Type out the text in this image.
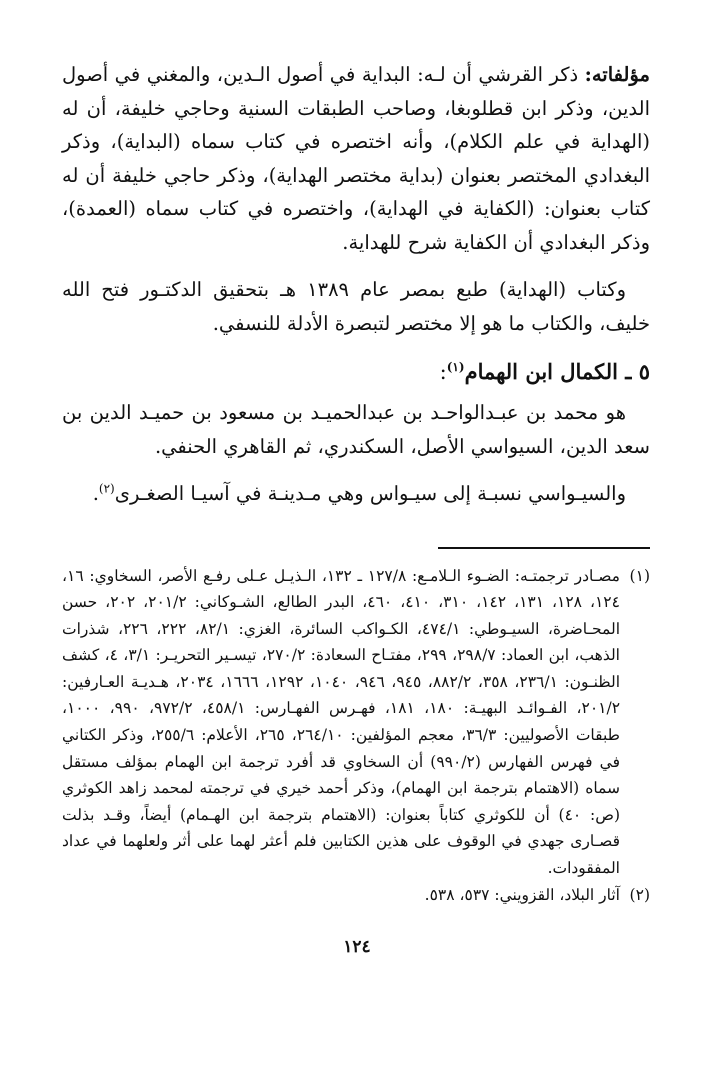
مؤلفاته: ذكر القرشي أن لـه: البداية في أصول الـدين، والمغني في أصول الدين، وذكر ابن قطلوبغا، وصاحب الطبقات السنية وحاجي خليفة، أن له (الهداية في علم الكلام)، وأنه اختصره في كتاب سماه (البداية)، وذكر البغدادي المختصر بعنوان (بداية مختصر الهداية)، وذكر حاجي خليفة أن له كتاب بعنوان: (الكفاية في الهداية)، واختصره في كتاب سماه (العمدة)، وذكر البغدادي أن الكفاية شرح للهداية.

وكتاب (الهداية) طبع بمصر عام ١٣٨٩ هـ بتحقيق الدكتـور فتح الله خليف، والكتاب ما هو إلا مختصر لتبصرة الأدلة للنسفي.

٥ ـ الكمال ابن الهمام$^{(١)}$:

هو محمد بن عبـدالواحـد بن عبدالحميـد بن مسعود بن حميـد الدين بن سعد الدين، السيواسي الأصل، السكندري، ثم القاهري الحنفي.

والسيـواسي نسبـة إلى سيـواس وهي مـدينـة في آسيـا الصغـرى$^{(٢)}$.

(١)
مصـادر ترجمتـه: الضـوء الـلامـع: ١٢٧/٨ ـ ١٣٢، الـذيـل عـلى رفـع الأصر، السخاوي: ١٦، ١٢٤، ١٢٨، ١٣١، ١٤٢، ٣١٠، ٤١٠، ٤٦٠، البدر الطالع، الشـوكاني: ٢٠١/٢، ٢٠٢، حسن المحـاضرة، السيـوطي: ٤٧٤/١، الكـواكب السائرة، الغزي: ٨٢/١، ٢٢٢، ٢٢٦، شذرات الذهب، ابن العماد: ٢٩٨/٧، ٢٩٩، مفتـاح السعادة: ٢٧٠/٢، تيسـير التحريـر: ٣/١، ٤، كشف الظنـون: ٢٣٦/١، ٣٥٨، ٨٨٢/٢، ٩٤٥، ٩٤٦، ١٠٤٠، ١٢٩٢، ١٦٦٦، ٢٠٣٤، هـديـة العـارفين: ٢٠١/٢، الفـوائـد البهيـة: ١٨٠، ١٨١، فهـرس الفهـارس: ٤٥٨/١، ٩٧٢/٢، ٩٩٠، ١٠٠٠، طبقات الأصوليين: ٣٦/٣، معجم المؤلفين: ٢٦٤/١٠، ٢٦٥، الأعلام: ٢٥٥/٦، وذكر الكتاني في فهرس الفهارس (٩٩٠/٢) أن السخاوي قد أفرد ترجمة ابن الهمام بمؤلف مستقل سماه (الاهتمام بترجمة ابن الهمام)، وذكر أحمد خيري في ترجمته لمحمد زاهد الكوثري (ص: ٤٠) أن للكوثري كتاباً بعنوان: (الاهتمام بترجمة ابن الهـمام) أيضاً، وقـد بذلت قصـارى جهدي في الوقوف على هذين الكتابين فلم أعثر لهما على أثر ولعلهما في عداد المفقودات.
(٢)
آثار البلاد، القزويني: ٥٣٧، ٥٣٨.
١٢٤
